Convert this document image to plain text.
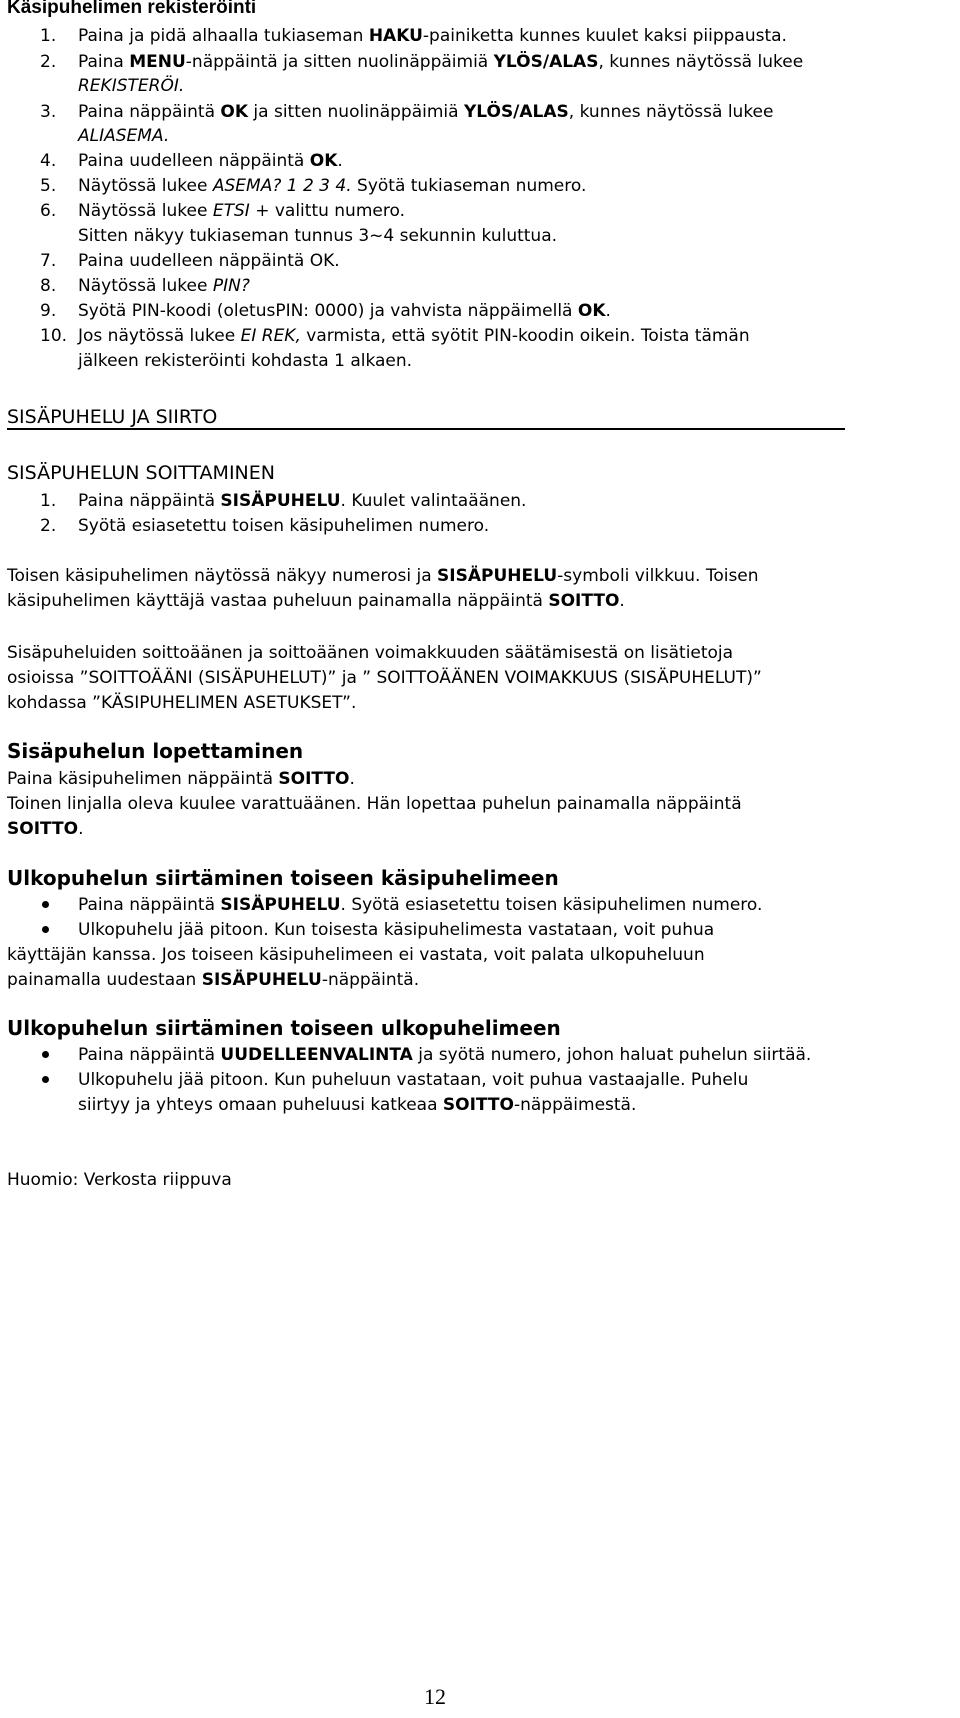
Käsipuhelimen rekisteröinti
1. Paina ja pidä alhaalla tukiaseman HAKU-painiketta kunnes kuulet kaksi piippausta.
2. Paina MENU-näppäintä ja sitten nuolinäppäimiä YLÖS/ALAS, kunnes näytössä lukee
REKISTERÖI.
3. Paina näppäintä OK ja sitten nuolinäppäimiä YLÖS/ALAS, kunnes näytössä lukee
ALIASEMA.
4. Paina uudelleen näppäintä OK.
5. Näytössä lukee ASEMA? 1 2 3 4. Syötä tukiaseman numero.
6. Näytössä lukee ETSI + valittu numero.
Sitten näkyy tukiaseman tunnus 3~4 sekunnin kuluttua.
7. Paina uudelleen näppäintä OK.
8. Näytössä lukee PIN?
9. Syötä PIN-koodi (oletusPIN: 0000) ja vahvista näppäimellä OK.
10. Jos näytössä lukee EI REK, varmista, että syötit PIN-koodin oikein. Toista tämän
jälkeen rekisteröinti kohdasta 1 alkaen.
SISÄPUHELU JA SIIRTO
SISÄPUHELUN SOITTAMINEN
1. Paina näppäintä SISÄPUHELU. Kuulet valintaäänen.
2. Syötä esiasetettu toisen käsipuhelimen numero.
Toisen käsipuhelimen näytössä näkyy numerosi ja SISÄPUHELU-symboli vilkkuu. Toisen
käsipuhelimen käyttäjä vastaa puheluun painamalla näppäintä SOITTO.
Sisäpuheluiden soittoäänen ja soittoäänen voimakkuuden säätämisestä on lisätietoja
osioissa ”SOITTOÄÄNI (SISÄPUHELUT)” ja ” SOITTOÄÄNEN VOIMAKKUUS (SISÄPUHELUT)”
kohdassa ”KÄSIPUHELIMEN ASETUKSET”.
Sisäpuhelun lopettaminen
Paina käsipuhelimen näppäintä SOITTO.
Toinen linjalla oleva kuulee varattuäänen. Hän lopettaa puhelun painamalla näppäintä
SOITTO.
Ulkopuhelun siirtäminen toiseen käsipuhelimeen
Paina näppäintä SISÄPUHELU. Syötä esiasetettu toisen käsipuhelimen numero.
Ulkopuhelu jää pitoon. Kun toisesta käsipuhelimesta vastataan, voit puhua
käyttäjän kanssa. Jos toiseen käsipuhelimeen ei vastata, voit palata ulkopuheluun
painamalla uudestaan SISÄPUHELU-näppäintä.
Ulkopuhelun siirtäminen toiseen ulkopuhelimeen
Paina näppäintä UUDELLEENVALINTA ja syötä numero, johon haluat puhelun siirtää.
Ulkopuhelu jää pitoon. Kun puheluun vastataan, voit puhua vastaajalle. Puhelu
siirtyy ja yhteys omaan puheluusi katkeaa SOITTO-näppäimestä.
Huomio: Verkosta riippuva
12
